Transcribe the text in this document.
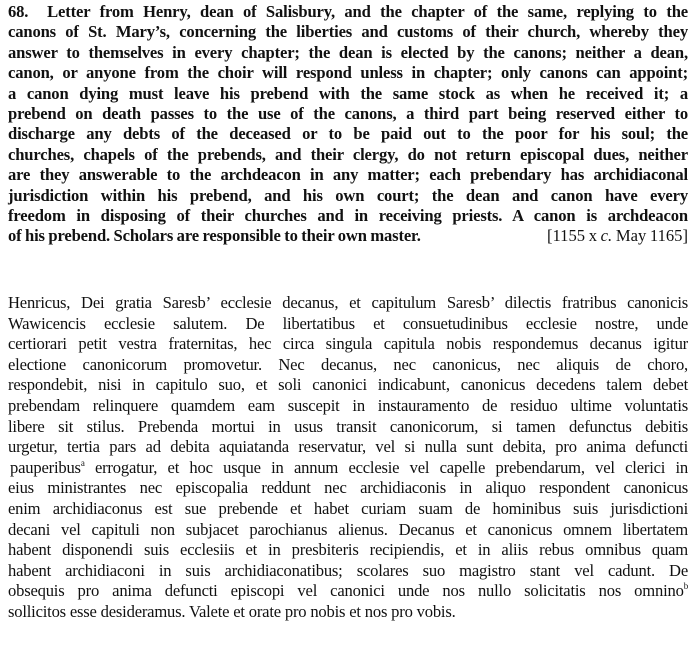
68. Letter from Henry, dean of Salisbury, and the chapter of the same, replying to the
canons of St. Mary’s, concerning the liberties and customs of their church, whereby they
answer to themselves in every chapter; the dean is elected by the canons; neither a dean,
canon, or anyone from the choir will respond unless in chapter; only canons can appoint;
a canon dying must leave his prebend with the same stock as when he received it; a
prebend on death passes to the use of the canons, a third part being reserved either to
discharge any debts of the deceased or to be paid out to the poor for his soul; the
churches, chapels of the prebends, and their clergy, do not return episcopal dues, neither
are they answerable to the archdeacon in any matter; each prebendary has archidiaconal
jurisdiction within his prebend, and his own court; the dean and canon have every
freedom in disposing of their churches and in receiving priests. A canon is archdeacon
of his prebend. Scholars are responsible to their own master.	[1155 x c. May 1165]
Henricus, Dei gratia Saresb’ ecclesie decanus, et capitulum Saresb’ dilectis fratribus canonicis
Wawicencis ecclesie salutem. De libertatibus et consuetudinibus ecclesie nostre, unde
certiorari petit vestra fraternitas, hec circa singula capitula nobis respondemus decanus igitur
electione canonicorum promovetur. Nec decanus, nec canonicus, nec aliquis de choro,
respondebit, nisi in capitulo suo, et soli canonici indicabunt, canonicus decedens talem debet
prebendam relinquere quamdem eam suscepit in instauramento de residuo ultime voluntatis
libere sit stilus. Prebenda mortui in usus transit canonicorum, si tamen defunctus debitis
urgetur, tertia pars ad debita aquiatanda reservatur, vel si nulla sunt debita, pro anima defuncti
pauperibus$^a$ errogatur, et hoc usque in annum ecclesie vel capelle prebendarum, vel clerici in
eius ministrantes nec episcopalia reddunt nec archidiaconis in aliquo respondent canonicus
enim archidiaconus est sue prebende et habet curiam suam de hominibus suis jurisdictioni
decani vel capituli non subjacet parochianus alienus. Decanus et canonicus omnem libertatem
habent disponendi suis ecclesiis et in presbiteris recipiendis, et in aliis rebus omnibus quam
habent archidiaconi in suis archidiaconatibus; scolares suo magistro stant vel cadunt. De
obsequis pro anima defuncti episcopi vel canonici unde nos nullo solicitatis nos omnino$^b$
sollicitos esse desideramus. Valete et orate pro nobis et nos pro vobis.
